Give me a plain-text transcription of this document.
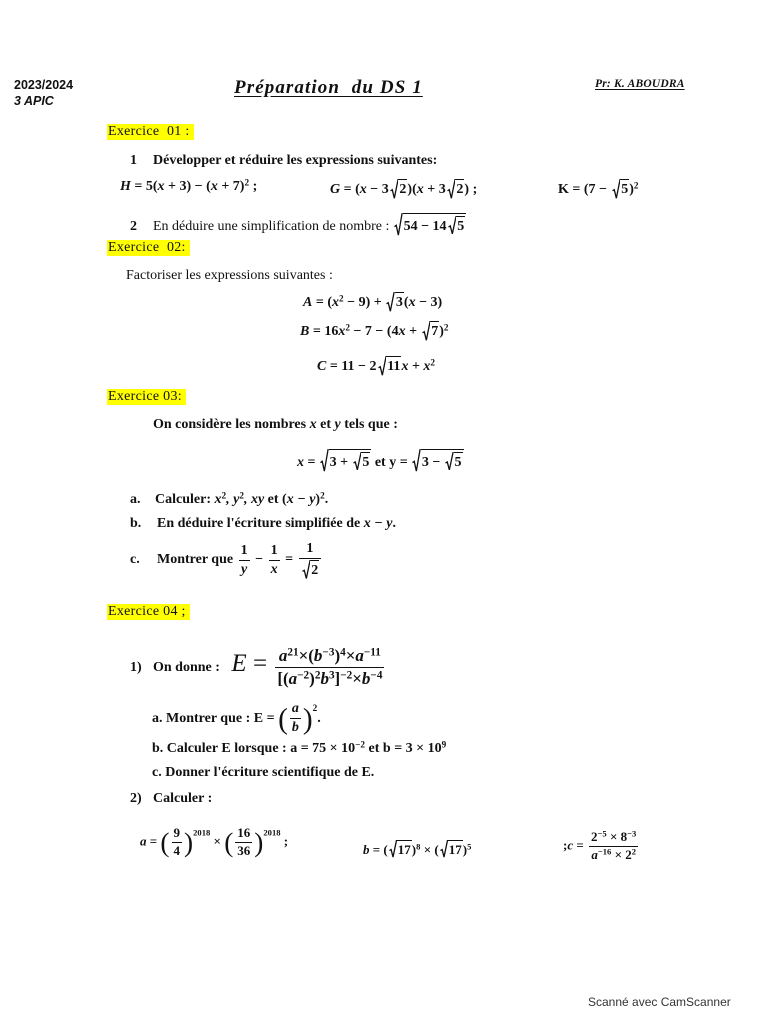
2023/2024
3 APIC
Préparation  du DS 1	Pr: K. ABOUDRA
Exercice  01 :
1 Développer et réduire les expressions suivantes:
$H = 5(x + 3) - (x + 7)^2$ ;	G = (x − 3 2)(x + 3 2) ;	K = (7 −
5)$^2$
2 En déduire une simplification de nombre : 54 − 14 5
Exercice  02:
Factoriser les expressions suivantes :
$A = (x^2 - 9)$ +
3(x − 3)
$B = 16x^2 - 7 - (4x$ +
7)$^2$
C = 11 − 2 $11x + x^2$
Exercice 03:
On considère les nombres x et y tels que :
x =
3 +
5 et y =
3 −
5
a. Calculer: $x^2$, $y^2$, xy et $(x - y)^2$.
b. En déduire l'écriture simplifiée de x − y.
c. Montrer que $\frac{1}{y} - \frac{1}{x} = \frac{1}{2}$
Exercice 04 ;
1) On donne : $E = \frac{a^{21}\times(b^{-3})^4\times a^{-11}}{[(a^{-2})^2b^3]^{-2}\times b^{-4}}$
a. Montrer que : E = ( $\frac{a}{b} )^2$.
b. Calculer E lorsque : $a = 75 \times 10^{-2}$ et $b = 3 \times 10^9$
c. Donner l'écriture scientifique de E.
2) Calculer :
a = ( $\frac{9}{4} )^{2018}$ × ( $\frac{16}{36} )^{2018}$ ;
b = ( 17)$^8$ × ( 17)$^5$	;c = $\frac{2^{-5} \times 8^{-3}}{a^{-16} \times 2^2}$
Scanné avec CamScanner
